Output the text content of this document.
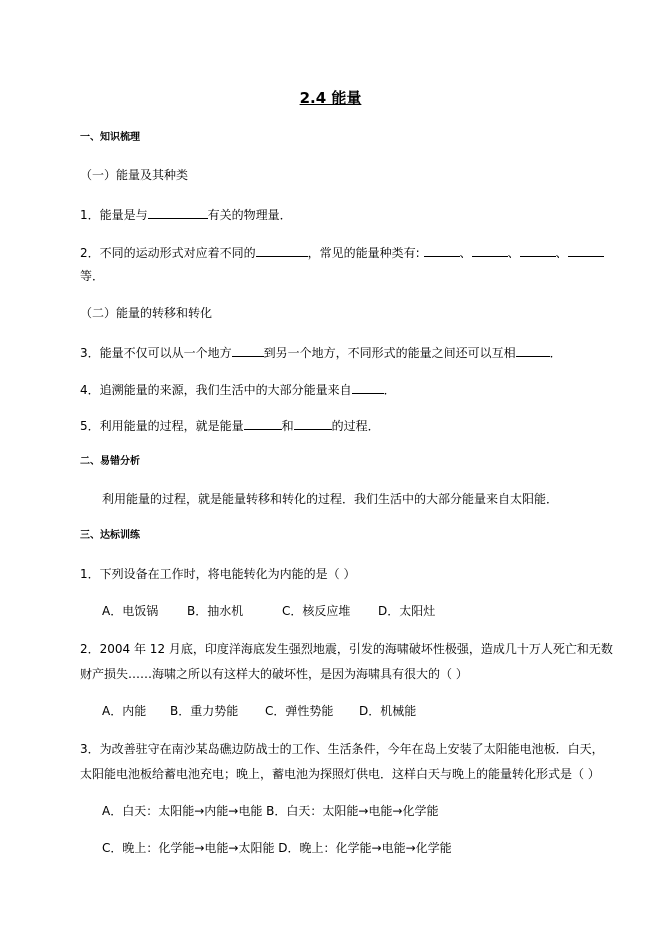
2.4 能量
一、知识梳理
（一）能量及其种类
1．能量是与	有关的物理量．
2．不同的运动形式对应着不同的	，常见的能量种类有:	、	、	、
等．
（二）能量的转移和转化
3．能量不仅可以从一个地方	到另一个地方，不同形式的能量之间还可以互相	．
4．追溯能量的来源，我们生活中的大部分能量来自	．
5．利用能量的过程，就是能量	和	的过程．
二、易错分析
利用能量的过程，就是能量转移和转化的过程．我们生活中的大部分能量来自太阳能．
三、达标训练
1．下列设备在工作时，将电能转化为内能的是（ ）
A．电饭锅 B．抽水机	C．核反应堆 D．太阳灶
2．2004 年 12 月底，印度洋海底发生强烈地震，引发的海啸破坏性极强，造成几十万人死亡和无数
财产损失……海啸之所以有这样大的破坏性，是因为海啸具有很大的（ ）
A．内能 B．重力势能 C．弹性势能 D．机械能
3．为改善驻守在南沙某岛礁边防战士的工作、生活条件，今年在岛上安装了太阳能电池板．白天，
太阳能电池板给蓄电池充电；晚上，蓄电池为探照灯供电．这样白天与晚上的能量转化形式是（ ）
A．白天：太阳能→内能→电能 B．白天：太阳能→电能→化学能
C．晚上：化学能→电能→太阳能 D．晚上：化学能→电能→化学能
